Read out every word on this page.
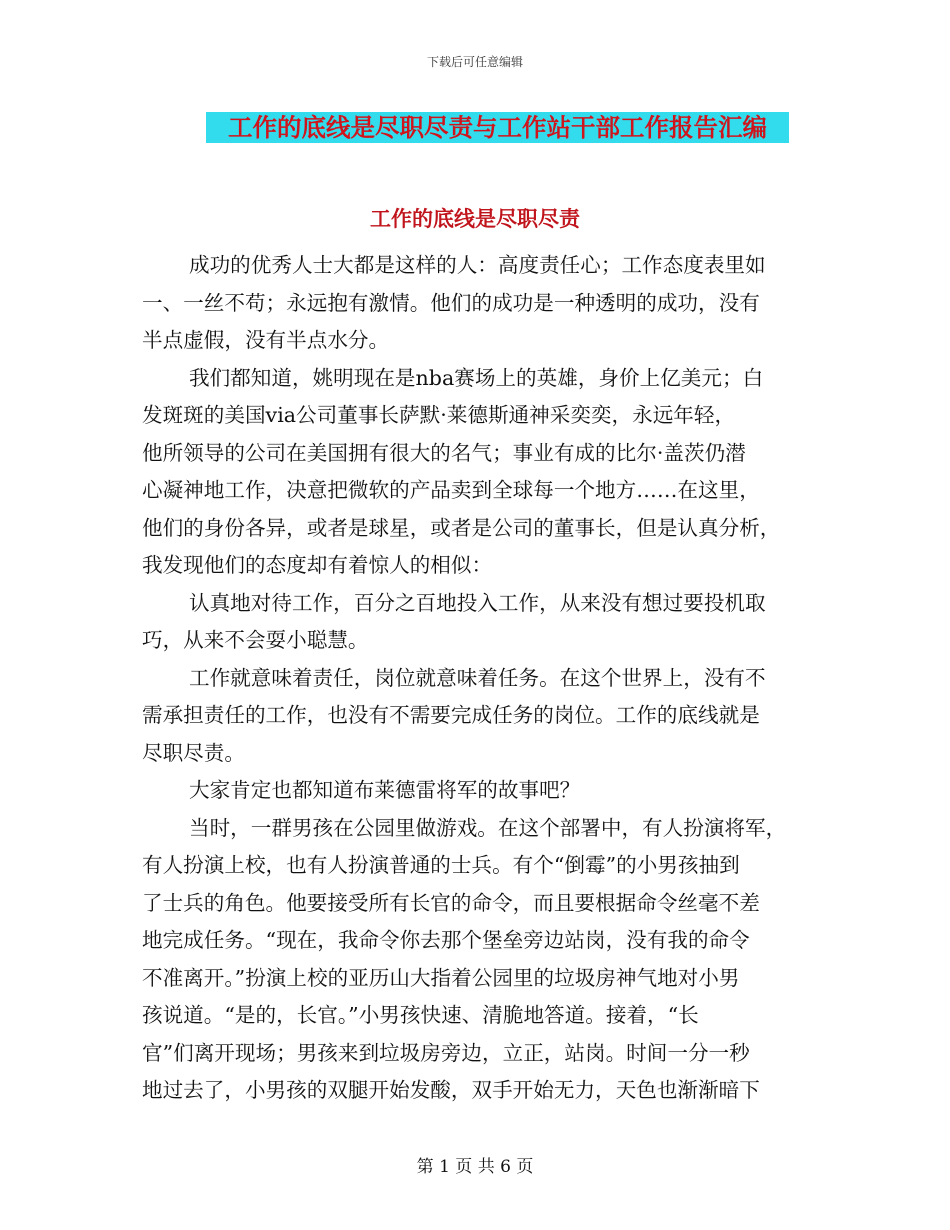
下载后可任意编辑
工作的底线是尽职尽责与工作站干部工作报告汇编
工作的底线是尽职尽责

成功的优秀人士大都是这样的人：高度责任心；工作态度表里如
一、一丝不苟；永远抱有激情。他们的成功是一种透明的成功，没有
半点虚假，没有半点水分。

我们都知道，姚明现在是nba赛场上的英雄，身价上亿美元；白
发斑斑的美国via公司董事长萨默·莱德斯通神采奕奕，永远年轻，
他所领导的公司在美国拥有很大的名气；事业有成的比尔·盖茨仍潜
心凝神地工作，决意把微软的产品卖到全球每一个地方……在这里，
他们的身份各异，或者是球星，或者是公司的董事长，但是认真分析，
我发现他们的态度却有着惊人的相似：

认真地对待工作，百分之百地投入工作，从来没有想过要投机取
巧，从来不会耍小聪慧。

工作就意味着责任，岗位就意味着任务。在这个世界上，没有不
需承担责任的工作，也没有不需要完成任务的岗位。工作的底线就是
尽职尽责。

大家肯定也都知道布莱德雷将军的故事吧？

当时，一群男孩在公园里做游戏。在这个部署中，有人扮演将军，
有人扮演上校，也有人扮演普通的士兵。有个“倒霉”的小男孩抽到
了士兵的角色。他要接受所有长官的命令，而且要根据命令丝毫不差
地完成任务。“现在，我命令你去那个堡垒旁边站岗，没有我的命令
不准离开。”扮演上校的亚历山大指着公园里的垃圾房神气地对小男
孩说道。“是的，长官。”小男孩快速、清脆地答道。接着，“长
官”们离开现场；男孩来到垃圾房旁边，立正，站岗。时间一分一秒
地过去了，小男孩的双腿开始发酸，双手开始无力，天色也渐渐暗下

第 1 页 共 6 页
